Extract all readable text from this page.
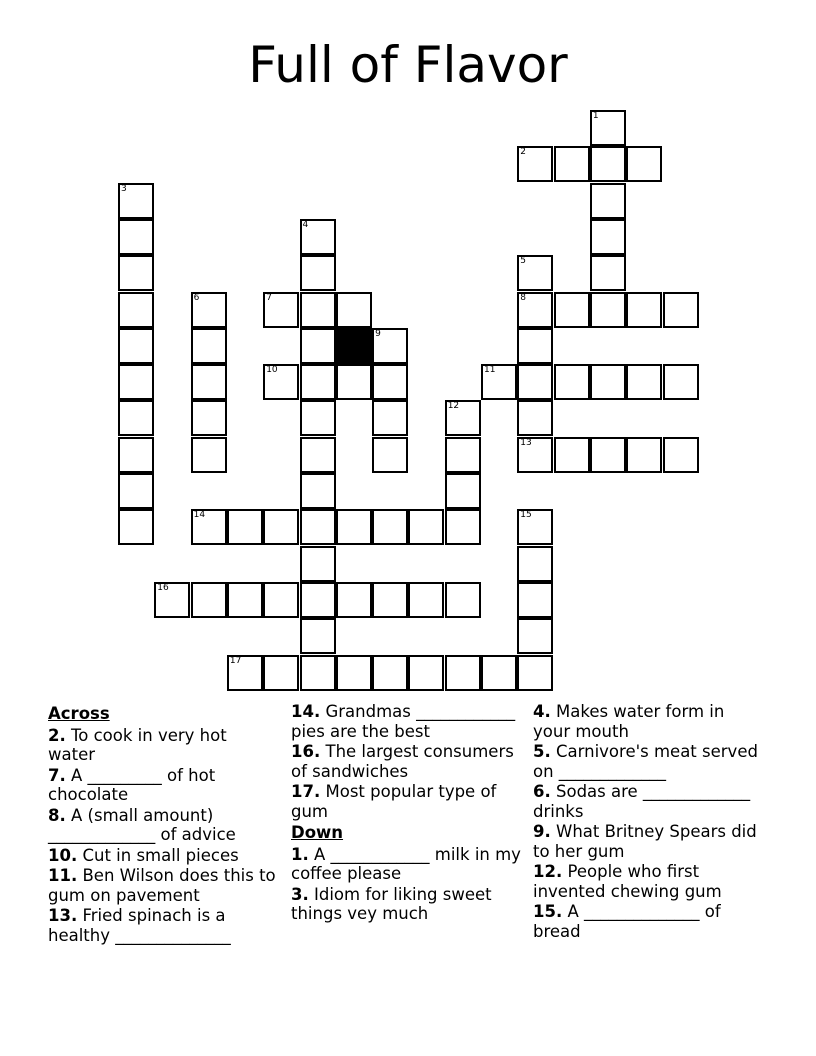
Full of Flavor
1
2
3
4
5
6	7	8
9
10	11
12
13
14	15
16
17
Across
2. To cook in very hot water
7. A _________ of hot chocolate
8. A (small amount) _____________ of advice
10. Cut in small pieces
11. Ben Wilson does this to gum on pavement
13. Fried spinach is a healthy ______________
14. Grandmas ____________ pies are the best
16. The largest consumers of sandwiches
17. Most popular type of gum
Down
1. A ____________ milk in my coffee please
3. Idiom for liking sweet things vey much
4. Makes water form in your mouth
5. Carnivore's meat served on _____________
6. Sodas are _____________ drinks
9. What Britney Spears did to her gum
12. People who first invented chewing gum
15. A ______________ of bread
